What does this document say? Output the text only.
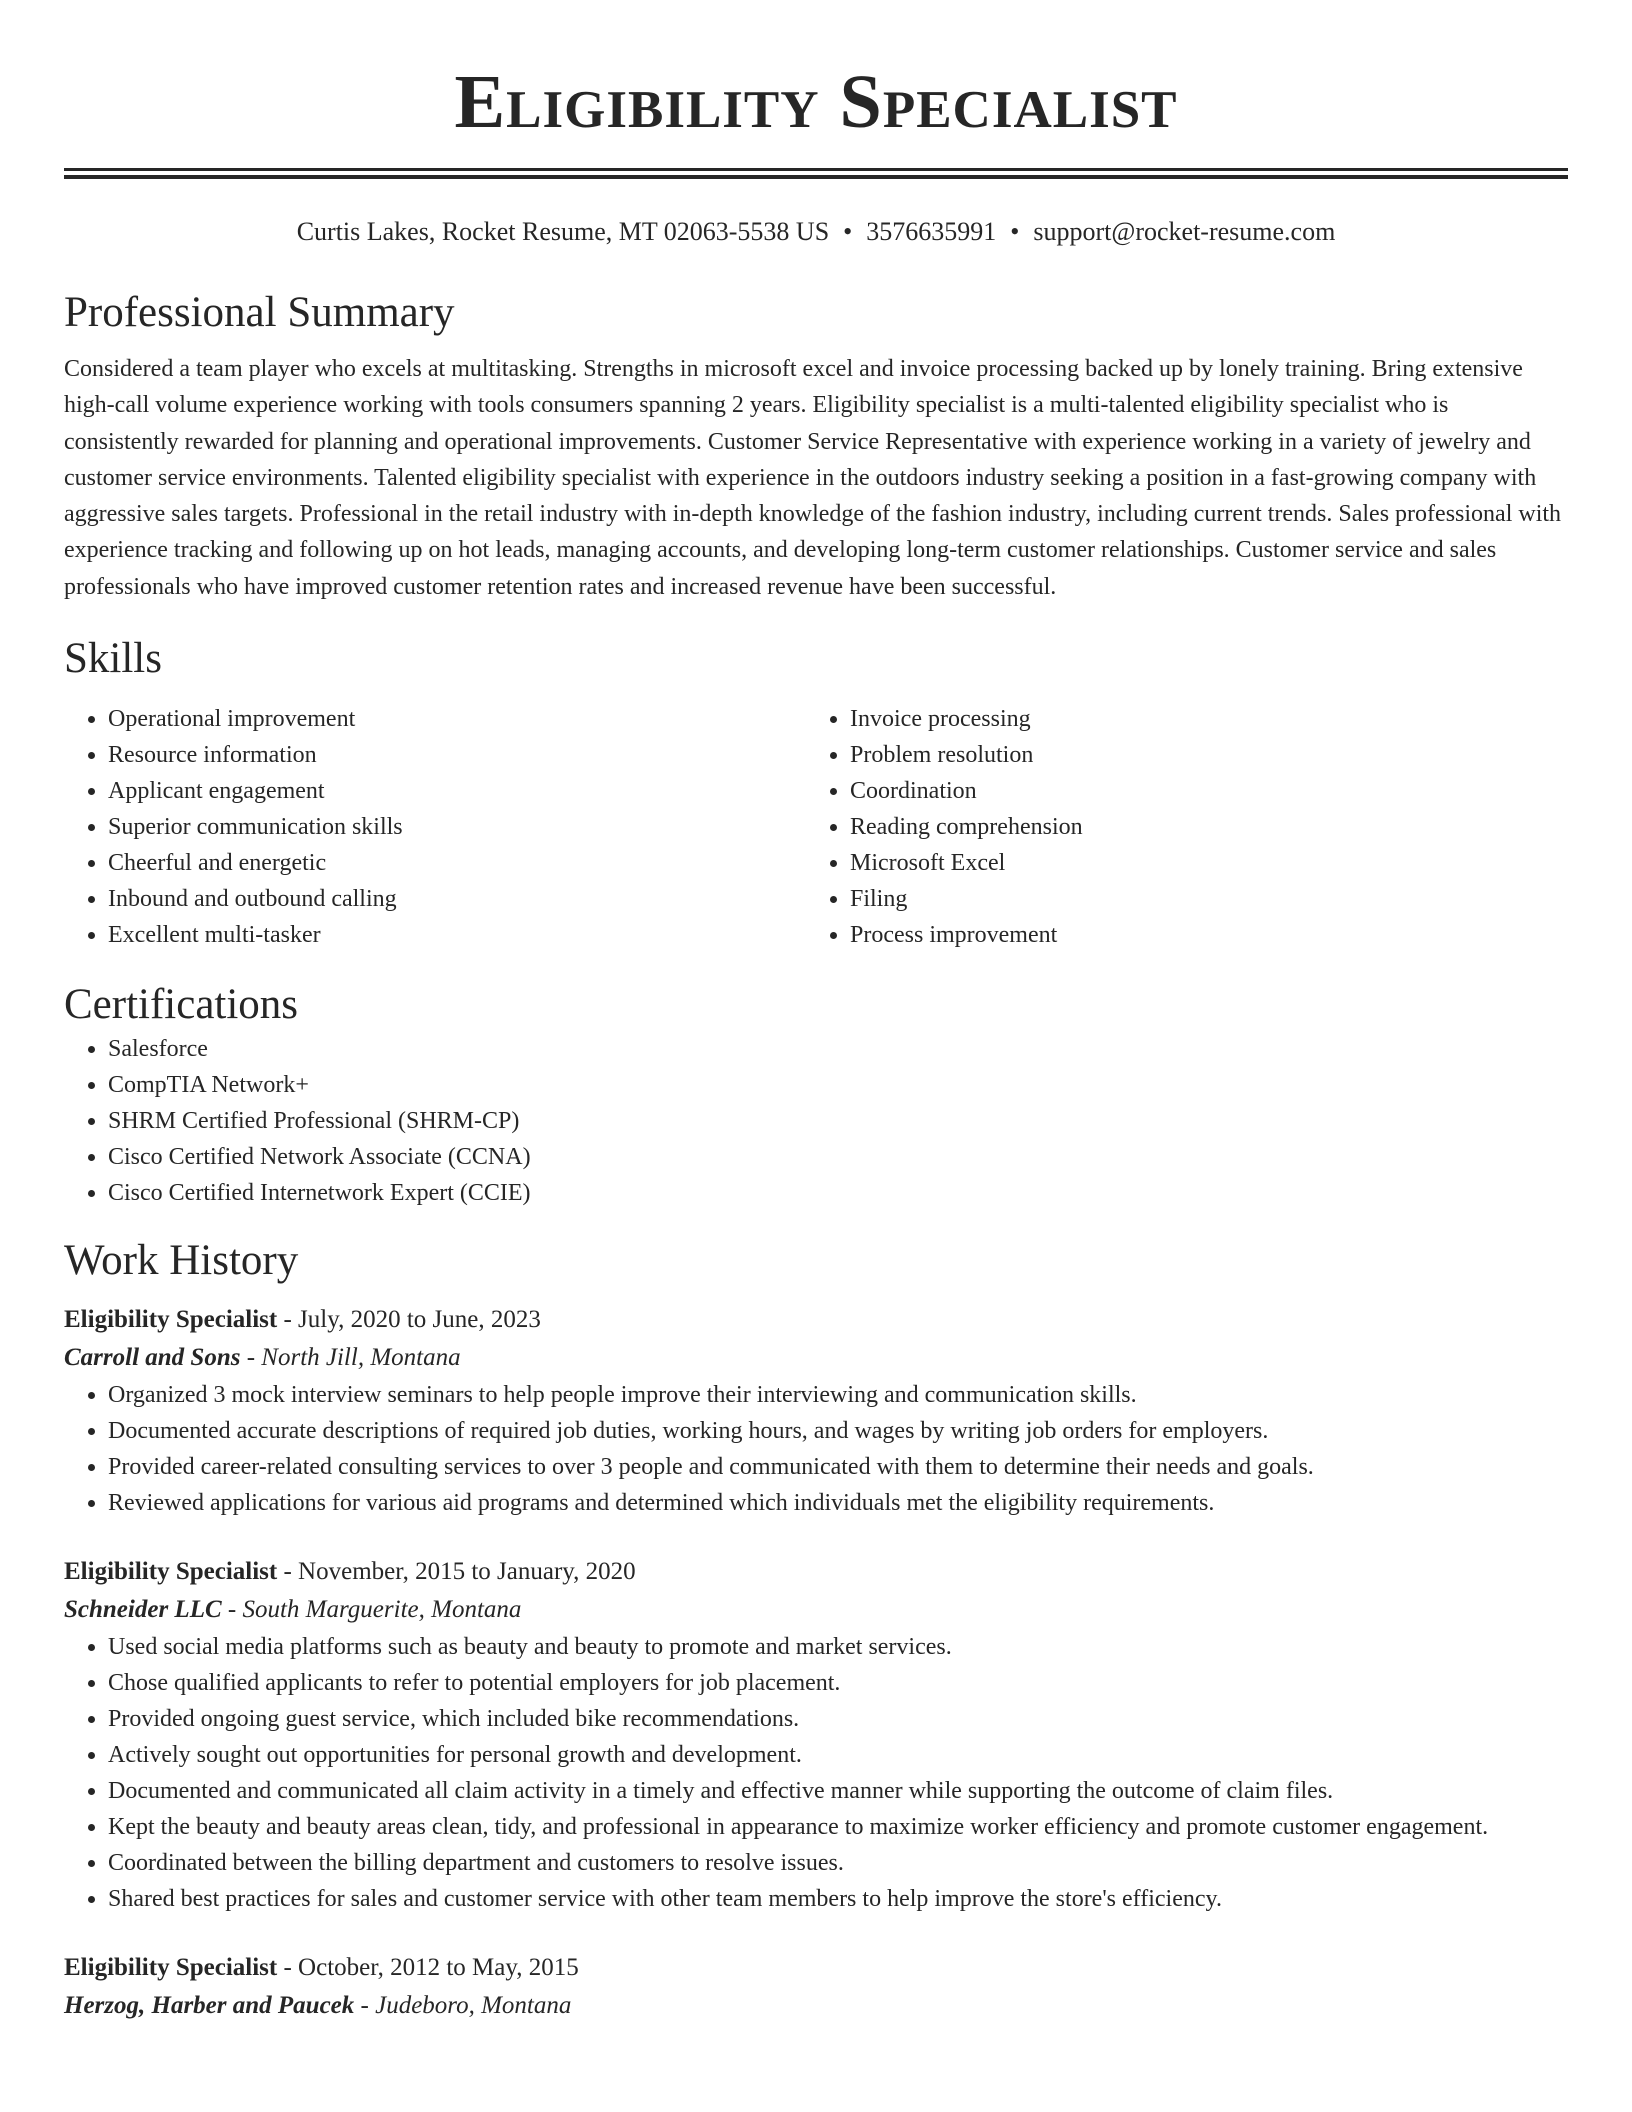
Eligibility Specialist
Curtis Lakes, Rocket Resume, MT 02063-5538 US • 3576635991 • support@rocket-resume.com
Professional Summary

Considered a team player who excels at multitasking. Strengths in microsoft excel and invoice processing backed up by lonely training. Bring extensive high-call volume experience working with tools consumers spanning 2 years. Eligibility specialist is a multi-talented eligibility specialist who is consistently rewarded for planning and operational improvements. Customer Service Representative with experience working in a variety of jewelry and customer service environments. Talented eligibility specialist with experience in the outdoors industry seeking a position in a fast-growing company with aggressive sales targets. Professional in the retail industry with in-depth knowledge of the fashion industry, including current trends. Sales professional with experience tracking and following up on hot leads, managing accounts, and developing long-term customer relationships. Customer service and sales professionals who have improved customer retention rates and increased revenue have been successful.

Skills
• Operational improvement
• Resource information
• Applicant engagement
• Superior communication skills
• Cheerful and energetic
• Inbound and outbound calling
• Excellent multi-tasker
• Invoice processing
• Problem resolution
• Coordination
• Reading comprehension
• Microsoft Excel
• Filing
• Process improvement
Certifications
• Salesforce
• CompTIA Network+
• SHRM Certified Professional (SHRM-CP)
• Cisco Certified Network Associate (CCNA)
• Cisco Certified Internetwork Expert (CCIE)
Work History
Eligibility Specialist - July, 2020 to June, 2023
Carroll and Sons - North Jill, Montana
• Organized 3 mock interview seminars to help people improve their interviewing and communication skills.
• Documented accurate descriptions of required job duties, working hours, and wages by writing job orders for employers.
• Provided career-related consulting services to over 3 people and communicated with them to determine their needs and goals.
• Reviewed applications for various aid programs and determined which individuals met the eligibility requirements.
Eligibility Specialist - November, 2015 to January, 2020
Schneider LLC - South Marguerite, Montana
• Used social media platforms such as beauty and beauty to promote and market services.
• Chose qualified applicants to refer to potential employers for job placement.
• Provided ongoing guest service, which included bike recommendations.
• Actively sought out opportunities for personal growth and development.
• Documented and communicated all claim activity in a timely and effective manner while supporting the outcome of claim files.
• Kept the beauty and beauty areas clean, tidy, and professional in appearance to maximize worker efficiency and promote customer engagement.
• Coordinated between the billing department and customers to resolve issues.
• Shared best practices for sales and customer service with other team members to help improve the store's efficiency.
Eligibility Specialist - October, 2012 to May, 2015
Herzog, Harber and Paucek - Judeboro, Montana
